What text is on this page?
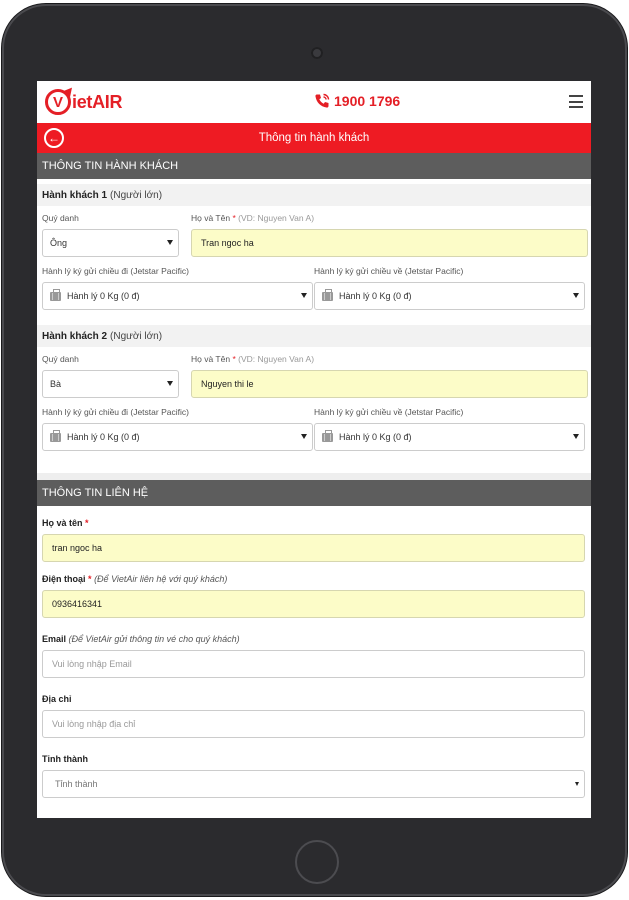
V ietAIR	1900 1796
←	Thông tin hành khách
THÔNG TIN HÀNH KHÁCH
Hành khách 1 (Người lớn)
Quý danh	Họ và Tên * (VD: Nguyen Van A)
Ông	Tran ngoc ha
Hành lý ký gửi chiều đi (Jetstar Pacific)	Hành lý ký gửi chiều về (Jetstar Pacific)
Hành lý 0 Kg (0 đ)	Hành lý 0 Kg (0 đ)
Hành khách 2 (Người lớn)
Quý danh	Họ và Tên * (VD: Nguyen Van A)
Bà	Nguyen thi le
Hành lý ký gửi chiều đi (Jetstar Pacific)	Hành lý ký gửi chiều về (Jetstar Pacific)
Hành lý 0 Kg (0 đ)	Hành lý 0 Kg (0 đ)
THÔNG TIN LIÊN HỆ
Họ và tên *
tran ngoc ha
Điện thoại * (Để VietAir liên hệ với quý khách)
0936416341
Email (Để VietAir gửi thông tin vé cho quý khách)
Vui lòng nhập Email
Địa chỉ
Vui lòng nhập địa chỉ
Tỉnh thành
Tỉnh thành
